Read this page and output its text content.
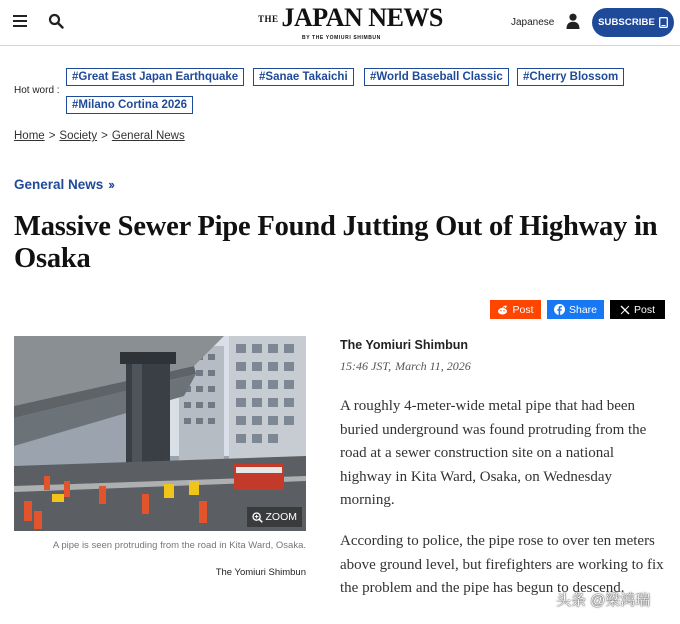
$^{THE}$ JAPAN NEWS
BY THE YOMIURI SHIMBUN
Japanese	SUBSCRIBE
Hot word :
#Great East Japan Earthquake	#Sanae Takaichi	#World Baseball Classic	#Cherry Blossom
#Milano Cortina 2026
Home > Society > General News
General News ››
Massive Sewer Pipe Found Jutting Out of Highway in Osaka
Post	Share	Post
ZOOM
A pipe is seen protruding from the road in Kita Ward, Osaka.
The Yomiuri Shimbun
The Yomiuri Shimbun
15:46 JST, March 11, 2026

A roughly 4-meter-wide metal pipe that had been buried underground was found protruding from the road at a sewer construction site on a national highway in Kita Ward, Osaka, on Wednesday morning.

According to police, the pipe rose to over ten meters above ground level, but firefighters are working to fix the problem and the pipe has begun to descend.

头条 @梁鸿瑞
